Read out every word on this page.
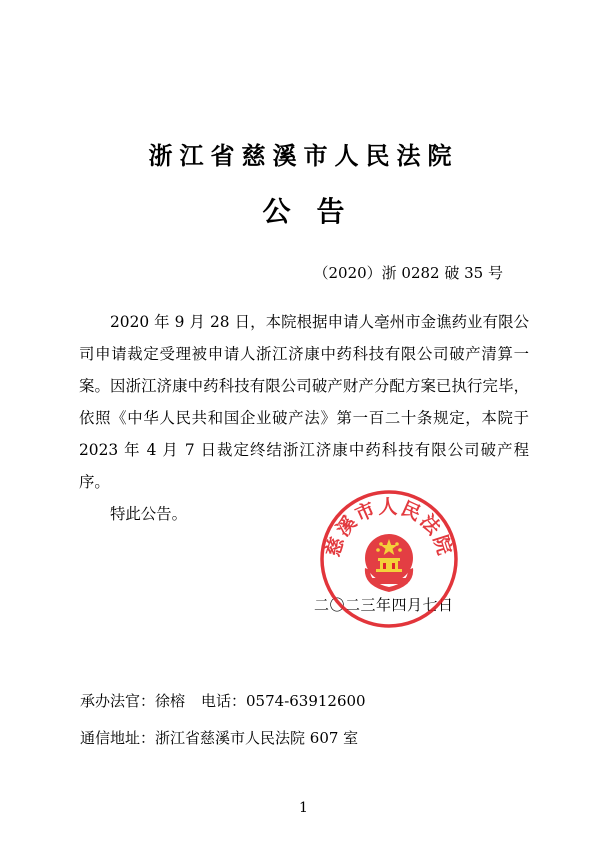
浙江省慈溪市人民法院
公告
（2020）浙 0282 破 35 号

2020 年 9 月 28 日，本院根据申请人亳州市金谯药业有限公司申请裁定受理被申请人浙江济康中药科技有限公司破产清算一案。因浙江济康中药科技有限公司破产财产分配方案已执行完毕，依照《中华人民共和国企业破产法》第一百二十条规定，本院于 2023 年 4 月 7 日裁定终结浙江济康中药科技有限公司破产程序。

特此公告。

二〇二三年四月七日
慈溪市人民法院
承办法官：徐榕 电话：0574-63912600
通信地址：浙江省慈溪市人民法院 607 室
1
